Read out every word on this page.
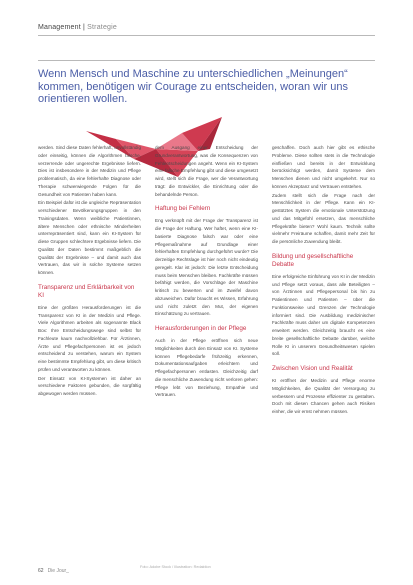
Management | Strategie
Wenn Mensch und Maschine zu unterschiedlichen „Meinungen“ kommen, benötigen wir Courage zu entscheiden, woran wir uns orientieren wollen.

werden. Sind diese Daten fehlerhaft, unvollständig oder einseitig, können die Algorithmen falsche, verzerrende oder ungerechte Ergebnisse liefern. Dies ist insbesondere in der Medizin und Pflege problematisch, da eine fehlerhafte Diagnose oder Therapie schwerwiegende Folgen für die Gesundheit von Patienten haben kann.

Ein Beispiel dafür ist die ungleiche Repräsentation verschiedener Bevölkerungsgruppen in den Trainingsdaten. Wenn weibliche Patientinnen, ältere Menschen oder ethnische Minderheiten unterrepräsentiert sind, kann ein KI-System für diese Gruppen schlechtere Ergebnisse liefern. Die Qualität der Daten bestimmt maßgeblich die Qualität der Ergebnisse – und damit auch das Vertrauen, das wir in solche Systeme setzen können.

Transparenz und Erklärbarkeit von KI

Eine der größten Herausforderungen ist die Transparenz von KI in der Medizin und Pflege. Viele Algorithmen arbeiten als sogenannte Black Box: Ihre Entscheidungswege sind selbst für Fachleute kaum nachvollziehbar. Für Ärztinnen, Ärzte und Pflegefachpersonen ist es jedoch entscheidend zu verstehen, warum ein System eine bestimmte Empfehlung gibt, um diese kritisch prüfen und verantworten zu können.

Der Einsatz von KI-Systemen ist daher an verschiedene Faktoren gebunden, die sorgfältig abgewogen werden müssen.

dem Ausgang einer Entscheidung der Grundverantwortung, was die Konsequenzen von Fehlentscheidungen angeht. Wenn ein KI-System eine falsche Empfehlung gibt und diese umgesetzt wird, stellt sich die Frage, wer die Verantwortung trägt: die Entwickler, die Einrichtung oder die behandelnde Person.

Haftung bei Fehlern

Eng verknüpft mit der Frage der Transparenz ist die Frage der Haftung. Wer haftet, wenn eine KI-basierte Diagnose falsch war oder eine Pflegemaßnahme auf Grundlage einer fehlerhaften Empfehlung durchgeführt wurde? Die derzeitige Rechtslage ist hier noch nicht eindeutig geregelt. Klar ist jedoch: Die letzte Entscheidung muss beim Menschen bleiben. Fachkräfte müssen befähigt werden, die Vorschläge der Maschine kritisch zu bewerten und im Zweifel davon abzuweichen. Dafür braucht es Wissen, Erfahrung und nicht zuletzt den Mut, der eigenen Einschätzung zu vertrauen.

Herausforderungen in der Pflege

Auch in der Pflege eröffnen sich neue Möglichkeiten durch den Einsatz von KI. Systeme können Pflegebedarfe frühzeitig erkennen, Dokumentationsaufgaben erleichtern und Pflegefachpersonen entlasten. Gleichzeitig darf die menschliche Zuwendung nicht verloren gehen: Pflege lebt von Beziehung, Empathie und Vertrauen.

geschaffen. Doch auch hier gibt es ethische Probleme. Diese sollten stets in die Technologie einfließen und bereits in der Entwicklung berücksichtigt werden, damit Systeme dem Menschen dienen und nicht umgekehrt. Nur so können Akzeptanz und Vertrauen entstehen.

Zudem stellt sich die Frage nach der Menschlichkeit in der Pflege. Kann ein KI-gestütztes System die emotionale Unterstützung und das Mitgefühl ersetzen, das menschliche Pflegekräfte bieten? Wohl kaum. Technik sollte vielmehr Freiräume schaffen, damit mehr Zeit für die persönliche Zuwendung bleibt.

Bildung und gesellschaftliche Debatte

Eine erfolgreiche Einführung von KI in der Medizin und Pflege setzt voraus, dass alle Beteiligten – von Ärztinnen und Pflegepersonal bis hin zu Patientinnen und Patienten – über die Funktionsweise und Grenzen der Technologie informiert sind. Die Ausbildung medizinischer Fachkräfte muss daher um digitale Kompetenzen erweitert werden. Gleichzeitig braucht es eine breite gesellschaftliche Debatte darüber, welche Rolle KI in unserem Gesundheitswesen spielen soll.

Zwischen Vision und Realität

KI eröffnet der Medizin und Pflege enorme Möglichkeiten, die Qualität der Versorgung zu verbessern und Prozesse effizienter zu gestalten. Doch mit diesen Chancen gehen auch Risiken einher, die wir ernst nehmen müssen.

62 Die Jour_
Foto: Adobe Stock / Illustration: Redaktion
